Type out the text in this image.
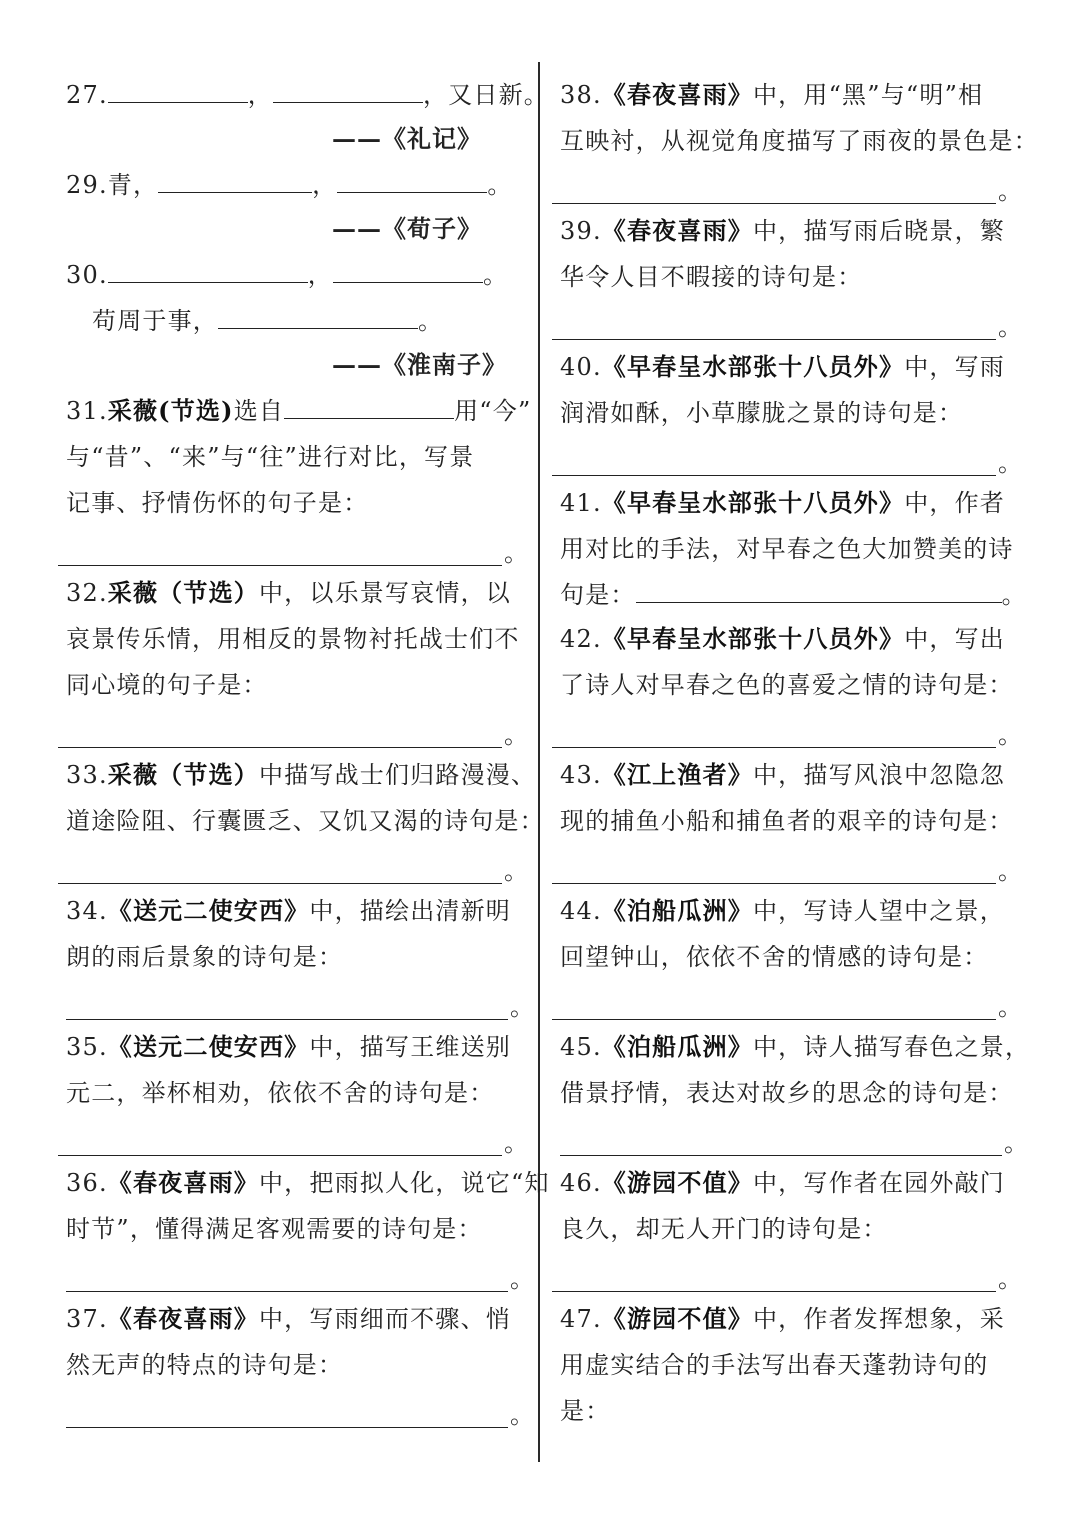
27.	，	，又日新。
——《礼记》
29.青，	，	。
——《荀子》
30.	，	。
苟周于事，	。
——《淮南子》
31.采薇(节选)选自	用“今”
与“昔”、“来”与“往”进行对比，写景
记事、抒情伤怀的句子是：
。
32.采薇（节选）中，以乐景写哀情，以
哀景传乐情，用相反的景物衬托战士们不
同心境的句子是：
。
33.采薇（节选）中描写战士们归路漫漫、
道途险阻、行囊匮乏、又饥又渴的诗句是：
。
34.《送元二使安西》中，描绘出清新明
朗的雨后景象的诗句是：
。
35.《送元二使安西》中，描写王维送别
元二，举杯相劝，依依不舍的诗句是：
。
36.《春夜喜雨》中，把雨拟人化，说它“知
时节”，懂得满足客观需要的诗句是：
。
37.《春夜喜雨》中，写雨细而不骤、悄
然无声的特点的诗句是：
。
38.《春夜喜雨》中，用“黑”与“明”相
互映衬，从视觉角度描写了雨夜的景色是：
。
39.《春夜喜雨》中，描写雨后晓景，繁
华令人目不暇接的诗句是：
。
40.《早春呈水部张十八员外》中，写雨
润滑如酥，小草朦胧之景的诗句是：
。
41.《早春呈水部张十八员外》中，作者
用对比的手法，对早春之色大加赞美的诗
句是：	。
42.《早春呈水部张十八员外》中，写出
了诗人对早春之色的喜爱之情的诗句是：
。
43.《江上渔者》中，描写风浪中忽隐忽
现的捕鱼小船和捕鱼者的艰辛的诗句是：
。
44.《泊船瓜洲》中，写诗人望中之景，
回望钟山，依依不舍的情感的诗句是：
。
45.《泊船瓜洲》中，诗人描写春色之景，
借景抒情，表达对故乡的思念的诗句是：
。
46.《游园不值》中，写作者在园外敲门
良久，却无人开门的诗句是：
。
47.《游园不值》中，作者发挥想象，采
用虚实结合的手法写出春天蓬勃诗句的
是：
